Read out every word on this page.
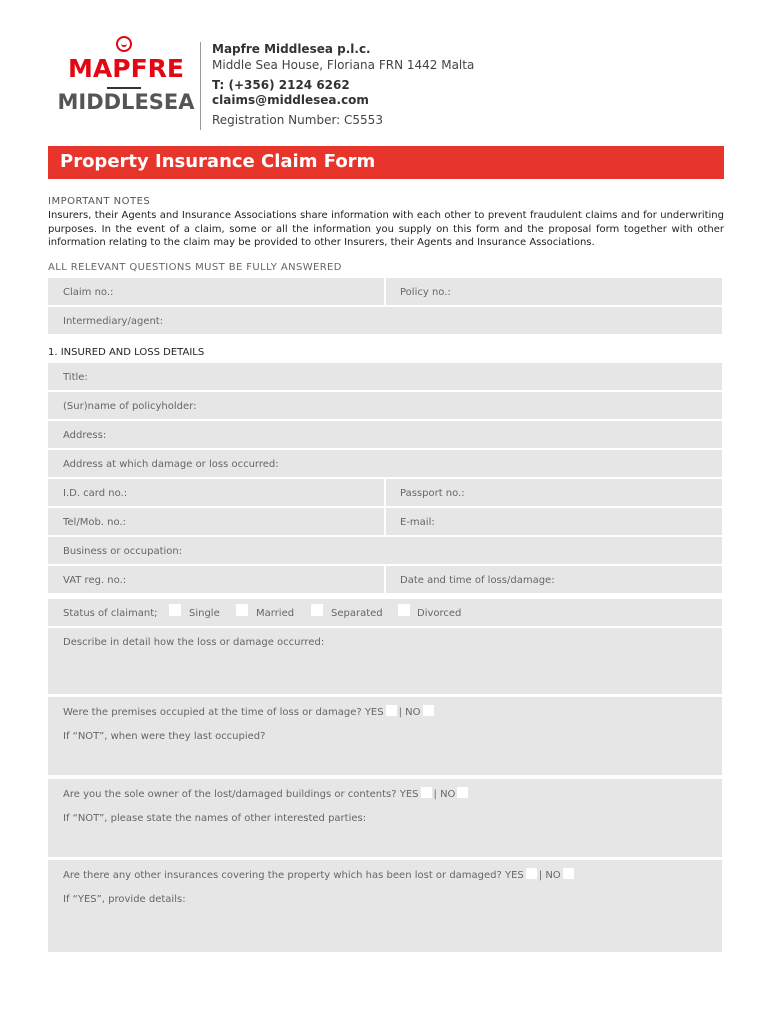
MAPFRE
MIDDLESEA
Mapfre Middlesea p.l.c.
Middle Sea House, Floriana FRN 1442 Malta
T: (+356) 2124 6262
claims@middlesea.com
Registration Number: C5553
Property Insurance Claim Form
IMPORTANT NOTES
Insurers, their Agents and Insurance Associations share information with each other to prevent fraudulent claims and for underwriting purposes. In the event of a claim, some or all the information you supply on this form and the proposal form together with other information relating to the claim may be provided to other Insurers, their Agents and Insurance Associations.
ALL RELEVANT QUESTIONS MUST BE FULLY ANSWERED
Claim no.:	Policy no.:
Intermediary/agent:
1. INSURED AND LOSS DETAILS
Title:
(Sur)name of policyholder:
Address:
Address at which damage or loss occurred:
I.D. card no.:	Passport no.:
Tel/Mob. no.:	E-mail:
Business or occupation:
VAT reg. no.:	Date and time of loss/damage:
Status of claimant;	Single	Married	Separated	Divorced
Describe in detail how the loss or damage occurred:
Were the premises occupied at the time of loss or damage? YES | NO
If “NOT”, when were they last occupied?
Are you the sole owner of the lost/damaged buildings or contents? YES | NO
If “NOT”, please state the names of other interested parties:
Are there any other insurances covering the property which has been lost or damaged? YES | NO
If “YES”, provide details:
